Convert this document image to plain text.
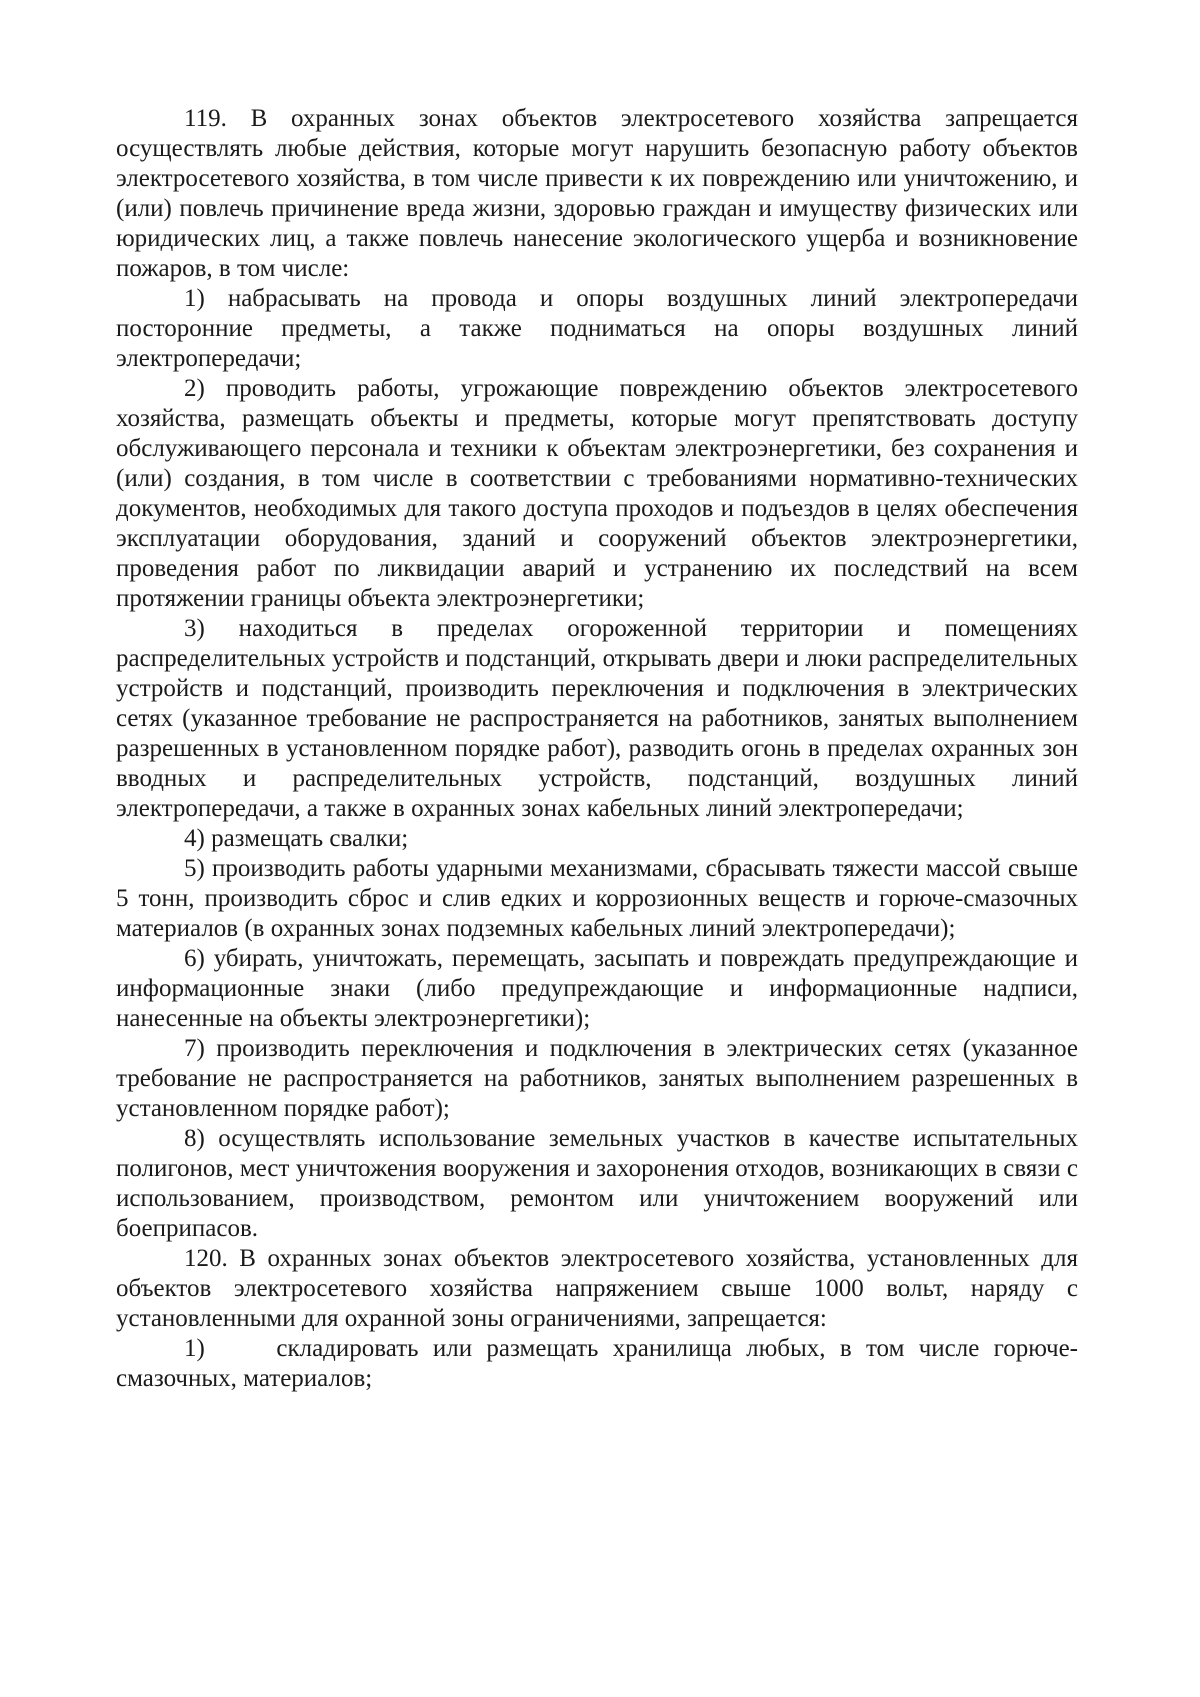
119. В охранных зонах объектов электросетевого хозяйства запрещается осуществлять любые действия, которые могут нарушить безопасную работу объектов электросетевого хозяйства, в том числе привести к их повреждению или уничтожению, и (или) повлечь причинение вреда жизни, здоровью граждан и имуществу физических или юридических лиц, а также повлечь нанесение экологического ущерба и возникновение пожаров, в том числе:

1) набрасывать на провода и опоры воздушных линий электропередачи посторонние предметы, а также подниматься на опоры воздушных линий электропередачи;

2) проводить работы, угрожающие повреждению объектов электросетевого хозяйства, размещать объекты и предметы, которые могут препятствовать доступу обслуживающего персонала и техники к объектам электроэнергетики, без сохранения и (или) создания, в том числе в соответствии с требованиями нормативно-технических документов, необходимых для такого доступа проходов и подъездов в целях обеспечения эксплуатации оборудования, зданий и сооружений объектов электроэнергетики, проведения работ по ликвидации аварий и устранению их последствий на всем протяжении границы объекта электроэнергетики;

3) находиться в пределах огороженной территории и помещениях распределительных устройств и подстанций, открывать двери и люки распределительных устройств и подстанций, производить переключения и подключения в электрических сетях (указанное требование не распространяется на работников, занятых выполнением разрешенных в установленном порядке работ), разводить огонь в пределах охранных зон вводных и распределительных устройств, подстанций, воздушных линий электропередачи, а также в охранных зонах кабельных линий электропередачи;

4) размещать свалки;

5) производить работы ударными механизмами, сбрасывать тяжести массой свыше 5 тонн, производить сброс и слив едких и коррозионных веществ и горюче-смазочных материалов (в охранных зонах подземных кабельных линий электропередачи);

6) убирать, уничтожать, перемещать, засыпать и повреждать предупреждающие и информационные знаки (либо предупреждающие и информационные надписи, нанесенные на объекты электроэнергетики);

7) производить переключения и подключения в электрических сетях (указанное требование не распространяется на работников, занятых выполнением разрешенных в установленном порядке работ);

8) осуществлять использование земельных участков в качестве испытательных полигонов, мест уничтожения вооружения и захоронения отходов, возникающих в связи с использованием, производством, ремонтом или уничтожением вооружений или боеприпасов.

120. В охранных зонах объектов электросетевого хозяйства, установленных для объектов электросетевого хозяйства напряжением свыше 1000 вольт, наряду с установленными для охранной зоны ограничениями, запрещается:

1)     складировать или размещать хранилища любых, в том числе горюче-смазочных, материалов;
